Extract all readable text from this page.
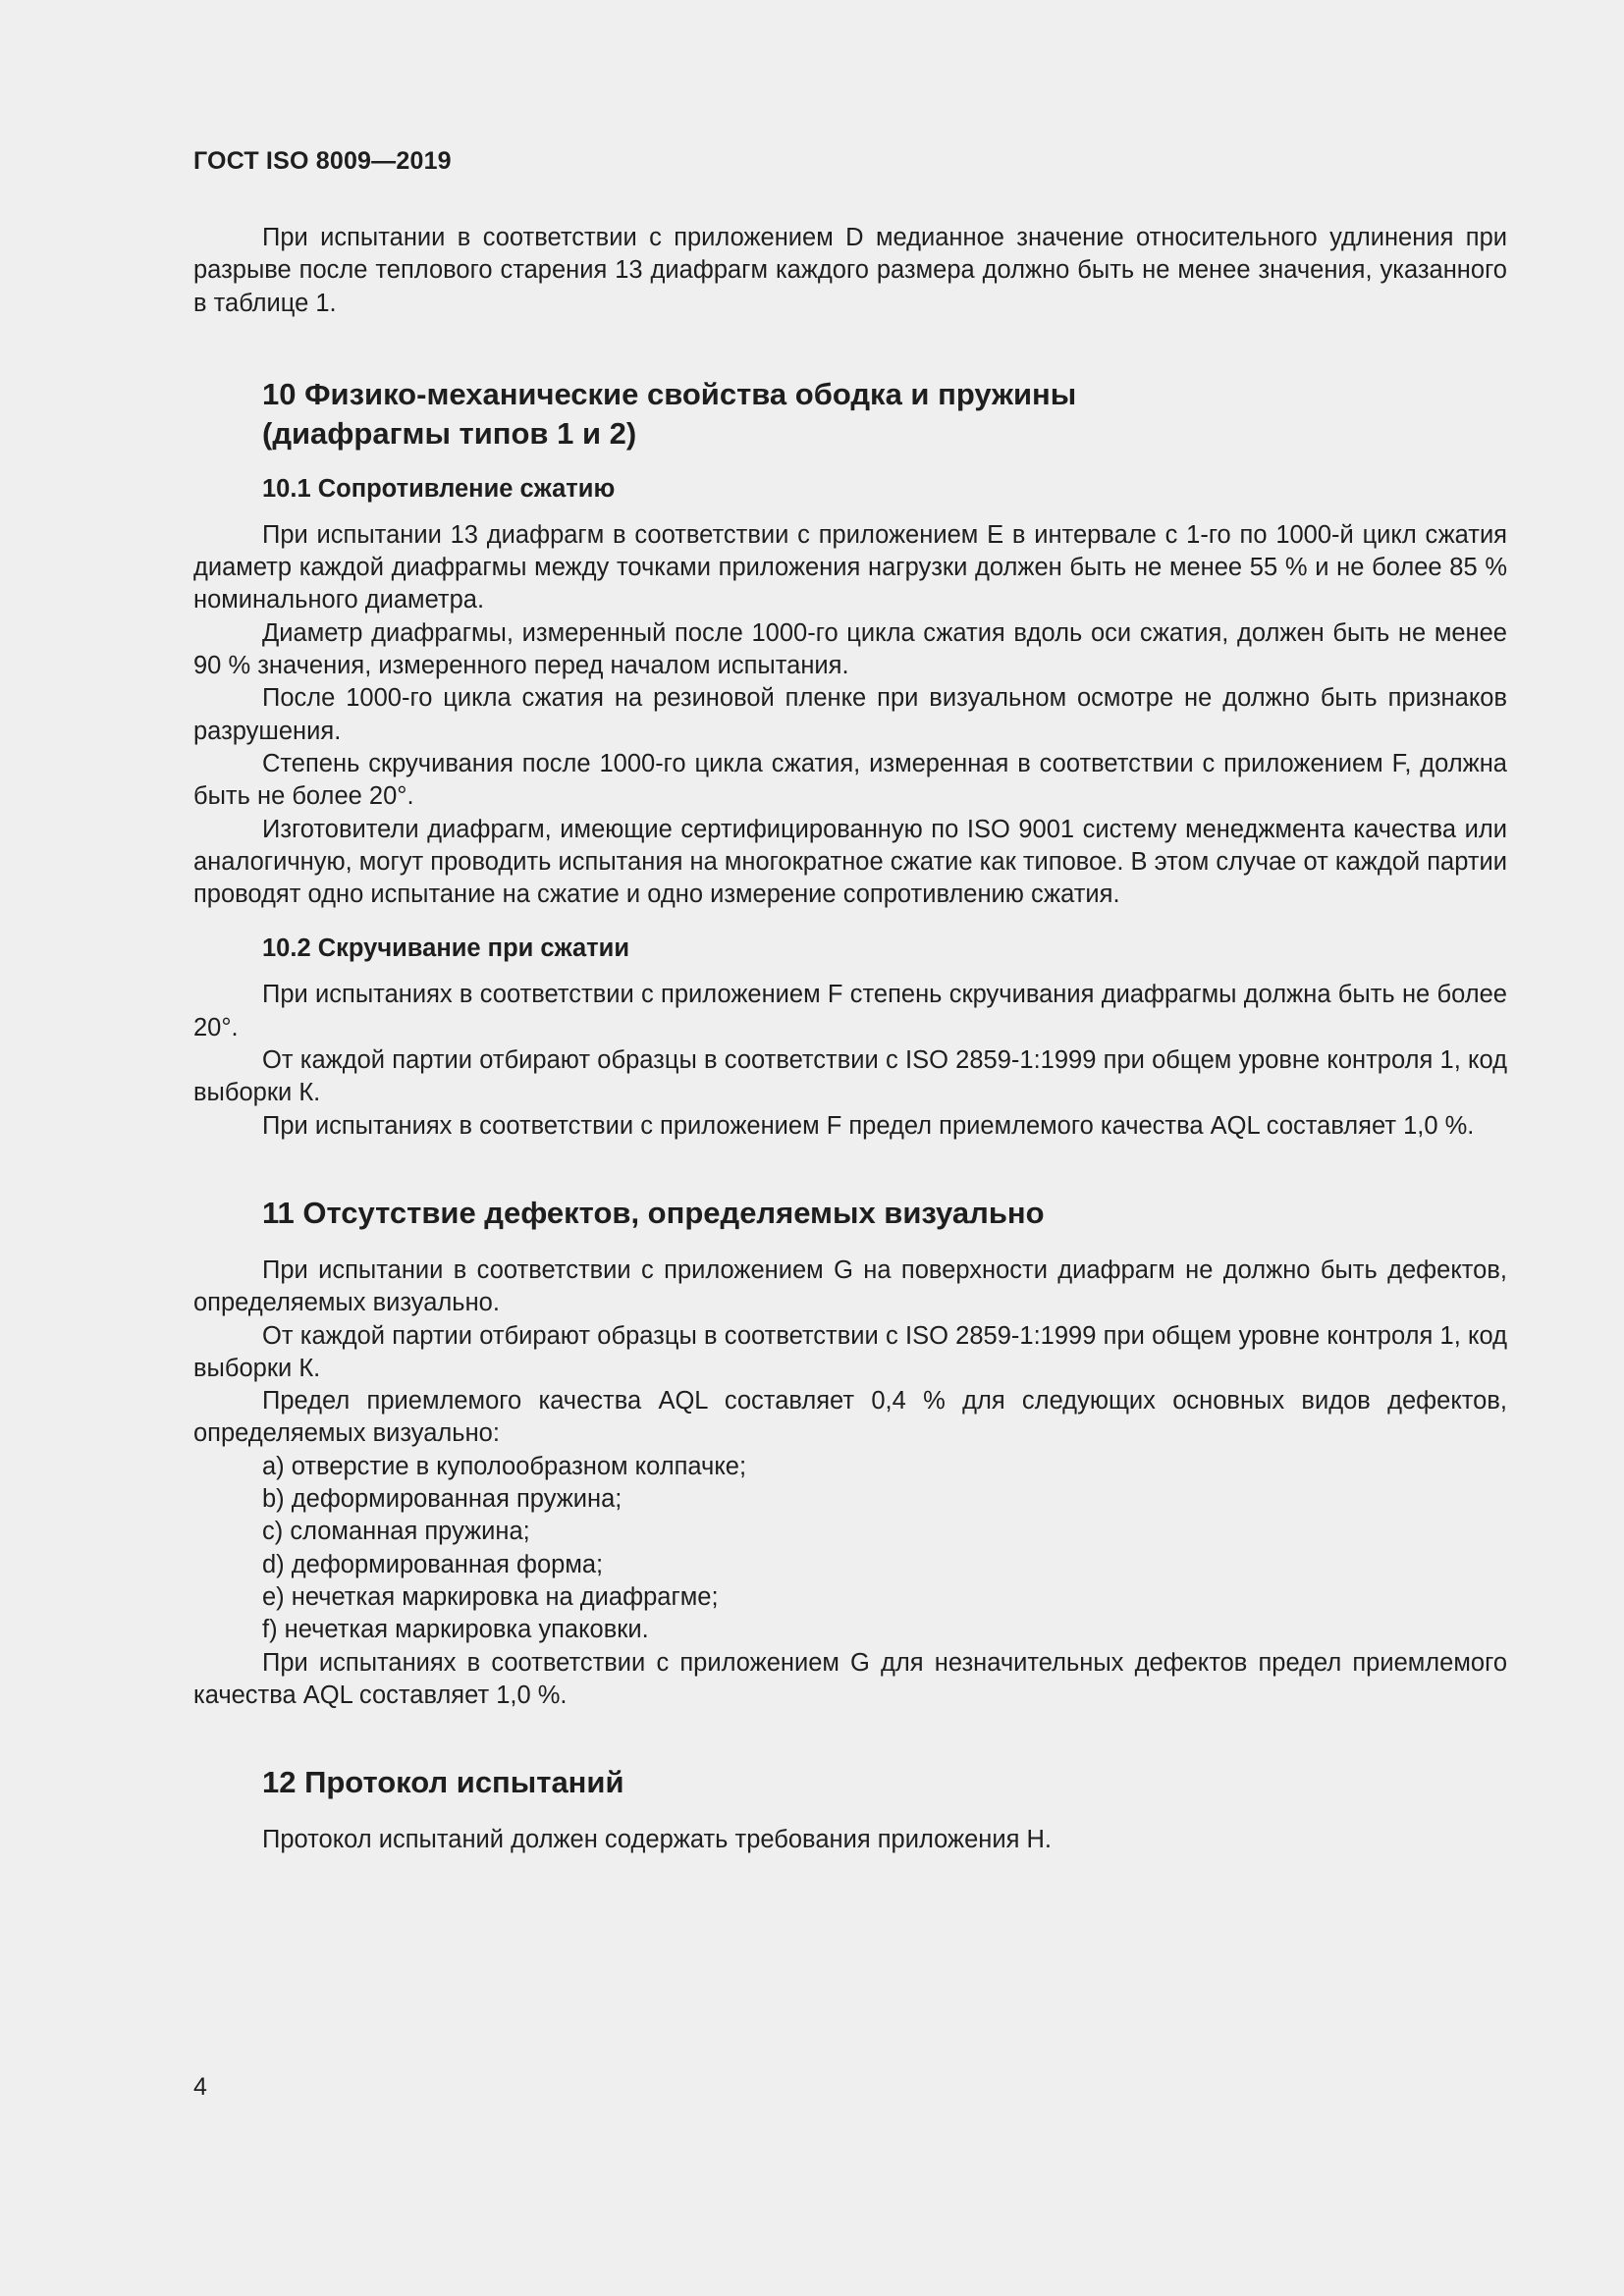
ГОСТ ISO 8009—2019

При испытании в соответствии с приложением D медианное значение относительного удлинения при разрыве после теплового старения 13 диафрагм каждого размера должно быть не менее значения, указанного в таблице 1.

10 Физико-механические свойства ободка и пружины
(диафрагмы типов 1 и 2)
10.1 Сопротивление сжатию

При испытании 13 диафрагм в соответствии с приложением Е в интервале с 1-го по 1000-й цикл сжатия диаметр каждой диафрагмы между точками приложения нагрузки должен быть не менее 55 % и не более 85 % номинального диаметра.

Диаметр диафрагмы, измеренный после 1000-го цикла сжатия вдоль оси сжатия, должен быть не менее 90 % значения, измеренного перед началом испытания.

После 1000-го цикла сжатия на резиновой пленке при визуальном осмотре не должно быть признаков разрушения.

Степень скручивания после 1000-го цикла сжатия, измеренная в соответствии с приложением F, должна быть не более 20°.

Изготовители диафрагм, имеющие сертифицированную по ISO 9001 систему менеджмента качества или аналогичную, могут проводить испытания на многократное сжатие как типовое. В этом случае от каждой партии проводят одно испытание на сжатие и одно измерение сопротивлению сжатия.

10.2 Скручивание при сжатии

При испытаниях в соответствии с приложением F степень скручивания диафрагмы должна быть не более 20°.

От каждой партии отбирают образцы в соответствии с ISO 2859-1:1999 при общем уровне контроля 1, код выборки К.

При испытаниях в соответствии с приложением F предел приемлемого качества AQL составляет 1,0 %.

11 Отсутствие дефектов, определяемых визуально

При испытании в соответствии с приложением G на поверхности диафрагм не должно быть дефектов, определяемых визуально.

От каждой партии отбирают образцы в соответствии с ISO 2859-1:1999 при общем уровне контроля 1, код выборки К.

Предел приемлемого качества AQL составляет 0,4 % для следующих основных видов дефектов, определяемых визуально:

a) отверстие в куполообразном колпачке;
b) деформированная пружина;
c) сломанная пружина;
d) деформированная форма;
e) нечеткая маркировка на диафрагме;
f) нечеткая маркировка упаковки.

При испытаниях в соответствии с приложением G для незначительных дефектов предел приемлемого качества AQL составляет 1,0 %.

12 Протокол испытаний

Протокол испытаний должен содержать требования приложения Н.

4
